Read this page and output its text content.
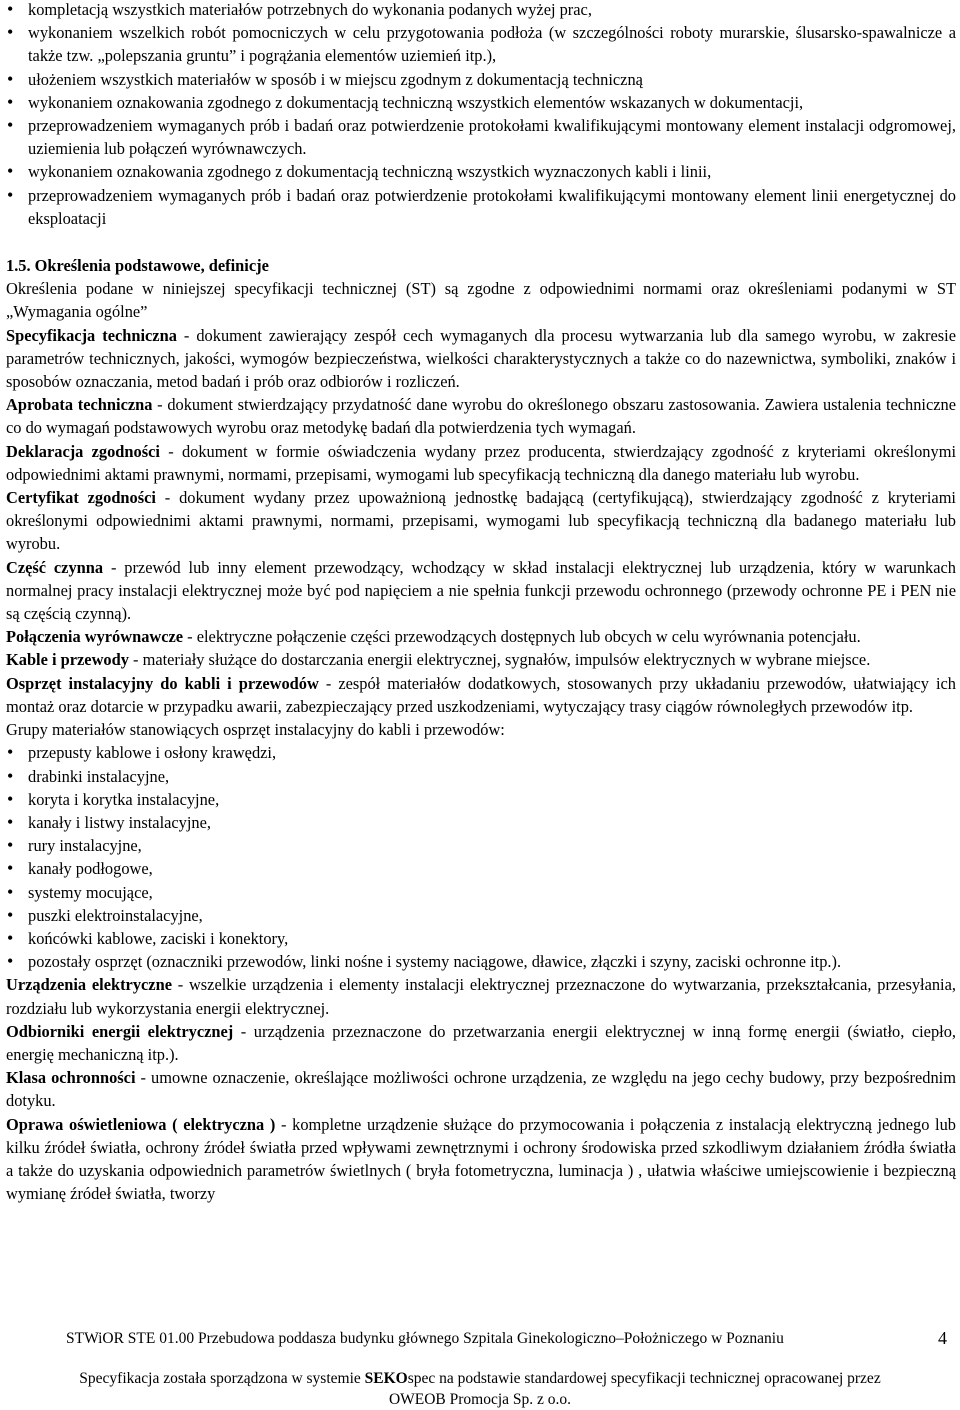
• kompletacją wszystkich materiałów potrzebnych do wykonania podanych wyżej prac,
• wykonaniem wszelkich robót pomocniczych w celu przygotowania podłoża (w szczególności roboty murarskie, ślusarsko-spawalnicze a także tzw. „polepszania gruntu” i pogrążania elementów uziemień itp.),
• ułożeniem wszystkich materiałów w sposób i w miejscu zgodnym z dokumentacją techniczną
• wykonaniem oznakowania zgodnego z dokumentacją techniczną wszystkich elementów wskazanych w dokumentacji,
• przeprowadzeniem wymaganych prób i badań oraz potwierdzenie protokołami kwalifikującymi montowany element instalacji odgromowej, uziemienia lub połączeń wyrównawczych.
• wykonaniem oznakowania zgodnego z dokumentacją techniczną wszystkich wyznaczonych kabli i linii,
• przeprowadzeniem wymaganych prób i badań oraz potwierdzenie protokołami kwalifikującymi montowany element linii energetycznej do eksploatacji

1.5. Określenia podstawowe, definicje

Określenia podane w niniejszej specyfikacji technicznej (ST) są zgodne z odpowiednimi normami oraz określeniami podanymi w ST „Wymagania ogólne”

Specyfikacja techniczna - dokument zawierający zespół cech wymaganych dla procesu wytwarzania lub dla samego wyrobu, w zakresie parametrów technicznych, jakości, wymogów bezpieczeństwa, wielkości charakterystycznych a także co do nazewnictwa, symboliki, znaków i sposobów oznaczania, metod badań i prób oraz odbiorów i rozliczeń.

Aprobata techniczna - dokument stwierdzający przydatność dane wyrobu do określonego obszaru zastosowania. Zawiera ustalenia techniczne co do wymagań podstawowych wyrobu oraz metodykę badań dla potwierdzenia tych wymagań.

Deklaracja zgodności - dokument w formie oświadczenia wydany przez producenta, stwierdzający zgodność z kryteriami określonymi odpowiednimi aktami prawnymi, normami, przepisami, wymogami lub specyfikacją techniczną dla danego materiału lub wyrobu.

Certyfikat zgodności - dokument wydany przez upoważnioną jednostkę badającą (certyfikującą), stwierdzający zgodność z kryteriami określonymi odpowiednimi aktami prawnymi, normami, przepisami, wymogami lub specyfikacją techniczną dla badanego materiału lub wyrobu.

Część czynna - przewód lub inny element przewodzący, wchodzący w skład instalacji elektrycznej lub urządzenia, który w warunkach normalnej pracy instalacji elektrycznej może być pod napięciem a nie spełnia funkcji przewodu ochronnego (przewody ochronne PE i PEN nie są częścią czynną).

Połączenia wyrównawcze - elektryczne połączenie części przewodzących dostępnych lub obcych w celu wyrównania potencjału.

Kable i przewody - materiały służące do dostarczania energii elektrycznej, sygnałów, impulsów elektrycznych w wybrane miejsce.

Osprzęt instalacyjny do kabli i przewodów - zespół materiałów dodatkowych, stosowanych przy układaniu przewodów, ułatwiający ich montaż oraz dotarcie w przypadku awarii, zabezpieczający przed uszkodzeniami, wytyczający trasy ciągów równoległych przewodów itp.

Grupy materiałów stanowiących osprzęt instalacyjny do kabli i przewodów:

• przepusty kablowe i osłony krawędzi,
• drabinki instalacyjne,
• koryta i korytka instalacyjne,
• kanały i listwy instalacyjne,
• rury instalacyjne,
• kanały podłogowe,
• systemy mocujące,
• puszki elektroinstalacyjne,
• końcówki kablowe, zaciski i konektory,
• pozostały osprzęt (oznaczniki przewodów, linki nośne i systemy naciągowe, dławice, złączki i szyny, zaciski ochronne itp.).

Urządzenia elektryczne - wszelkie urządzenia i elementy instalacji elektrycznej przeznaczone do wytwarzania, przekształcania, przesyłania, rozdziału lub wykorzystania energii elektrycznej.

Odbiorniki energii elektrycznej - urządzenia przeznaczone do przetwarzania energii elektrycznej w inną formę energii (światło, ciepło, energię mechaniczną itp.).

Klasa ochronności - umowne oznaczenie, określające możliwości ochrone urządzenia, ze względu na jego cechy budowy, przy bezpośrednim dotyku.

Oprawa oświetleniowa ( elektryczna ) - kompletne urządzenie służące do przymocowania i połączenia z instalacją elektryczną jednego lub kilku źródeł światła, ochrony źródeł światła przed wpływami zewnętrznymi i ochrony środowiska przed szkodliwym działaniem źródła światła a także do uzyskania odpowiednich parametrów świetlnych ( bryła fotometryczna, luminacja ) , ułatwia właściwe umiejscowienie i bezpieczną wymianę źródeł światła, tworzy

STWiOR STE 01.00 Przebudowa poddasza budynku głównego Szpitala Ginekologiczno–Położniczego w Poznaniu	4
Specyfikacja została sporządzona w systemie SEKOspec na podstawie standardowej specyfikacji technicznej opracowanej przez
OWEOB Promocja Sp. z o.o.
